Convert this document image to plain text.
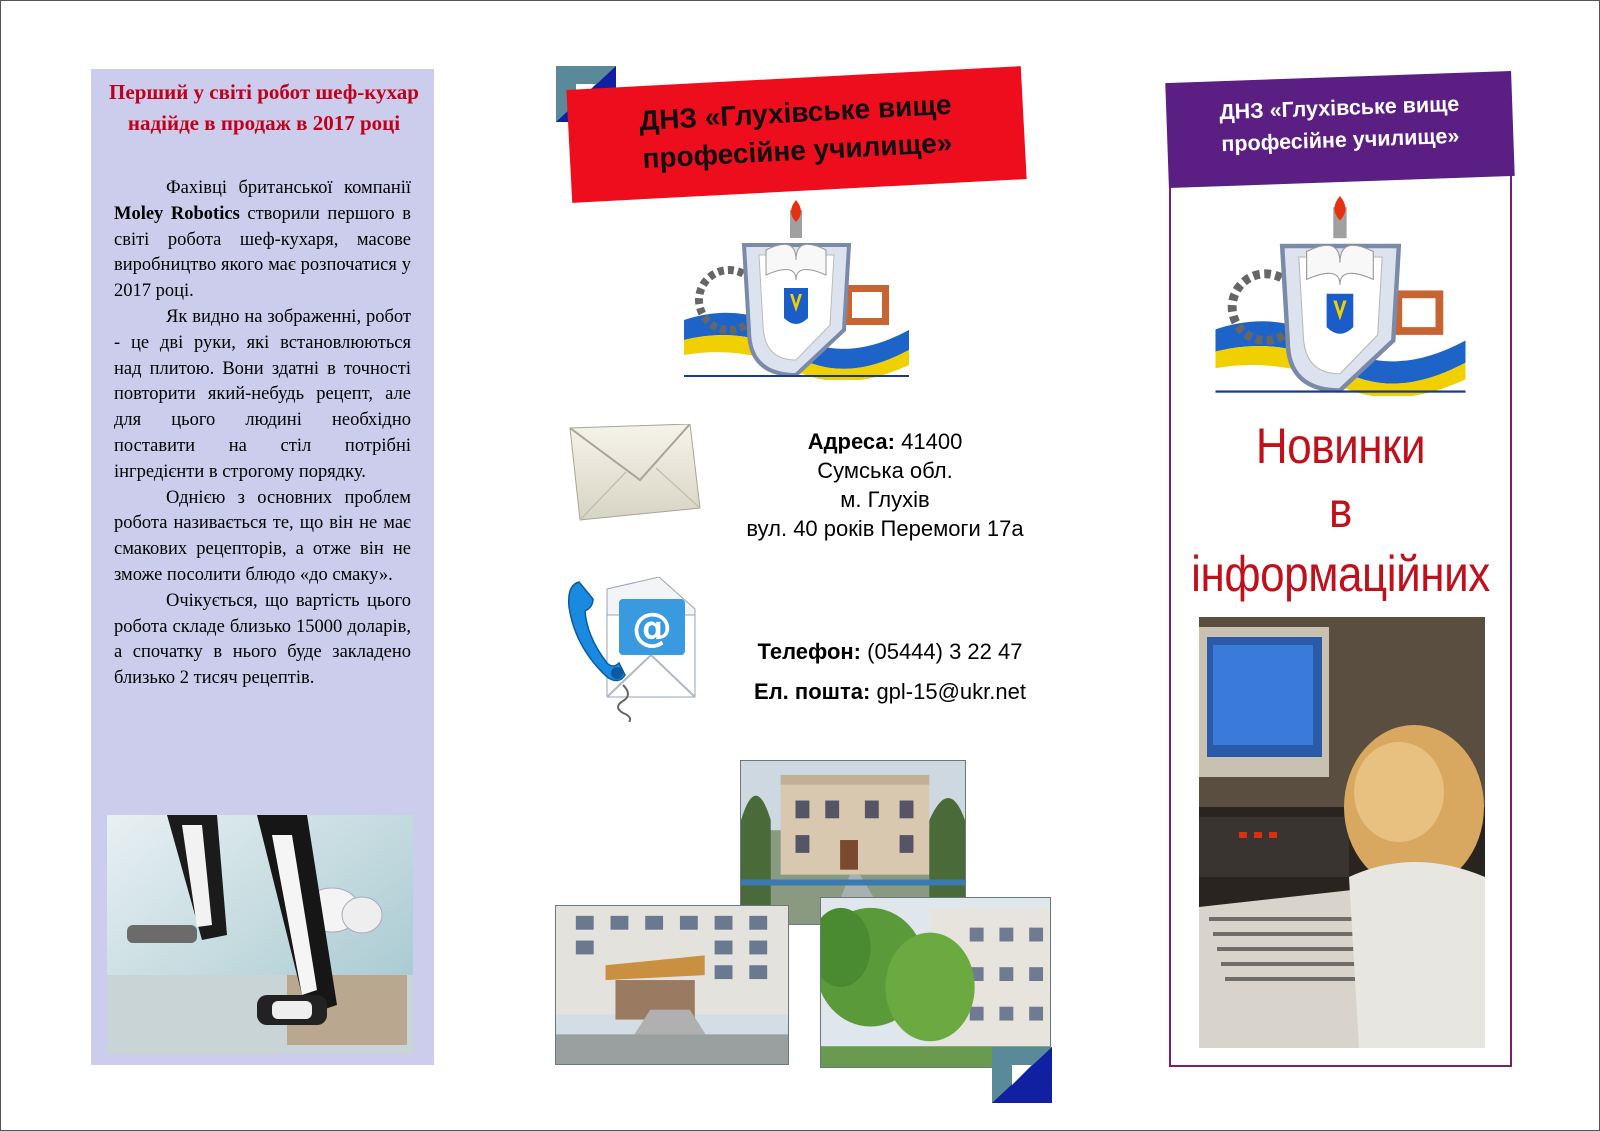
Перший у світі робот шеф-кухар надійде в продаж в 2017 році

Фахівці британської компанії Moley Robotics створили першого в світі робота шеф-кухаря, масове виробництво якого має розпочатися у 2017 році.

Як видно на зображенні, робот - це дві руки, які встановлюються над плитою. Вони здатні в точності повторити який-небудь рецепт, але для цього людині необхідно поставити на стіл потрібні інгредієнти в строгому порядку.

Однією з основних проблем робота називається те, що він не має смакових рецепторів, а отже він не зможе посолити блюдо «до смаку».

Очікується, що вартість цього робота складе близько 15000 доларів, а спочатку в нього буде закладено близько 2 тисяч рецептів.

ДНЗ «Глухівське вище професійне училище»
Адреса: 41400
Сумська обл.
м. Глухів
вул. 40 років Перемоги 17а
@
Телефон: (05444) 3 22 47
Ел. пошта: gpl-15@ukr.net
ДНЗ «Глухівське вище професійне училище»
Новинки
в інформаційних
